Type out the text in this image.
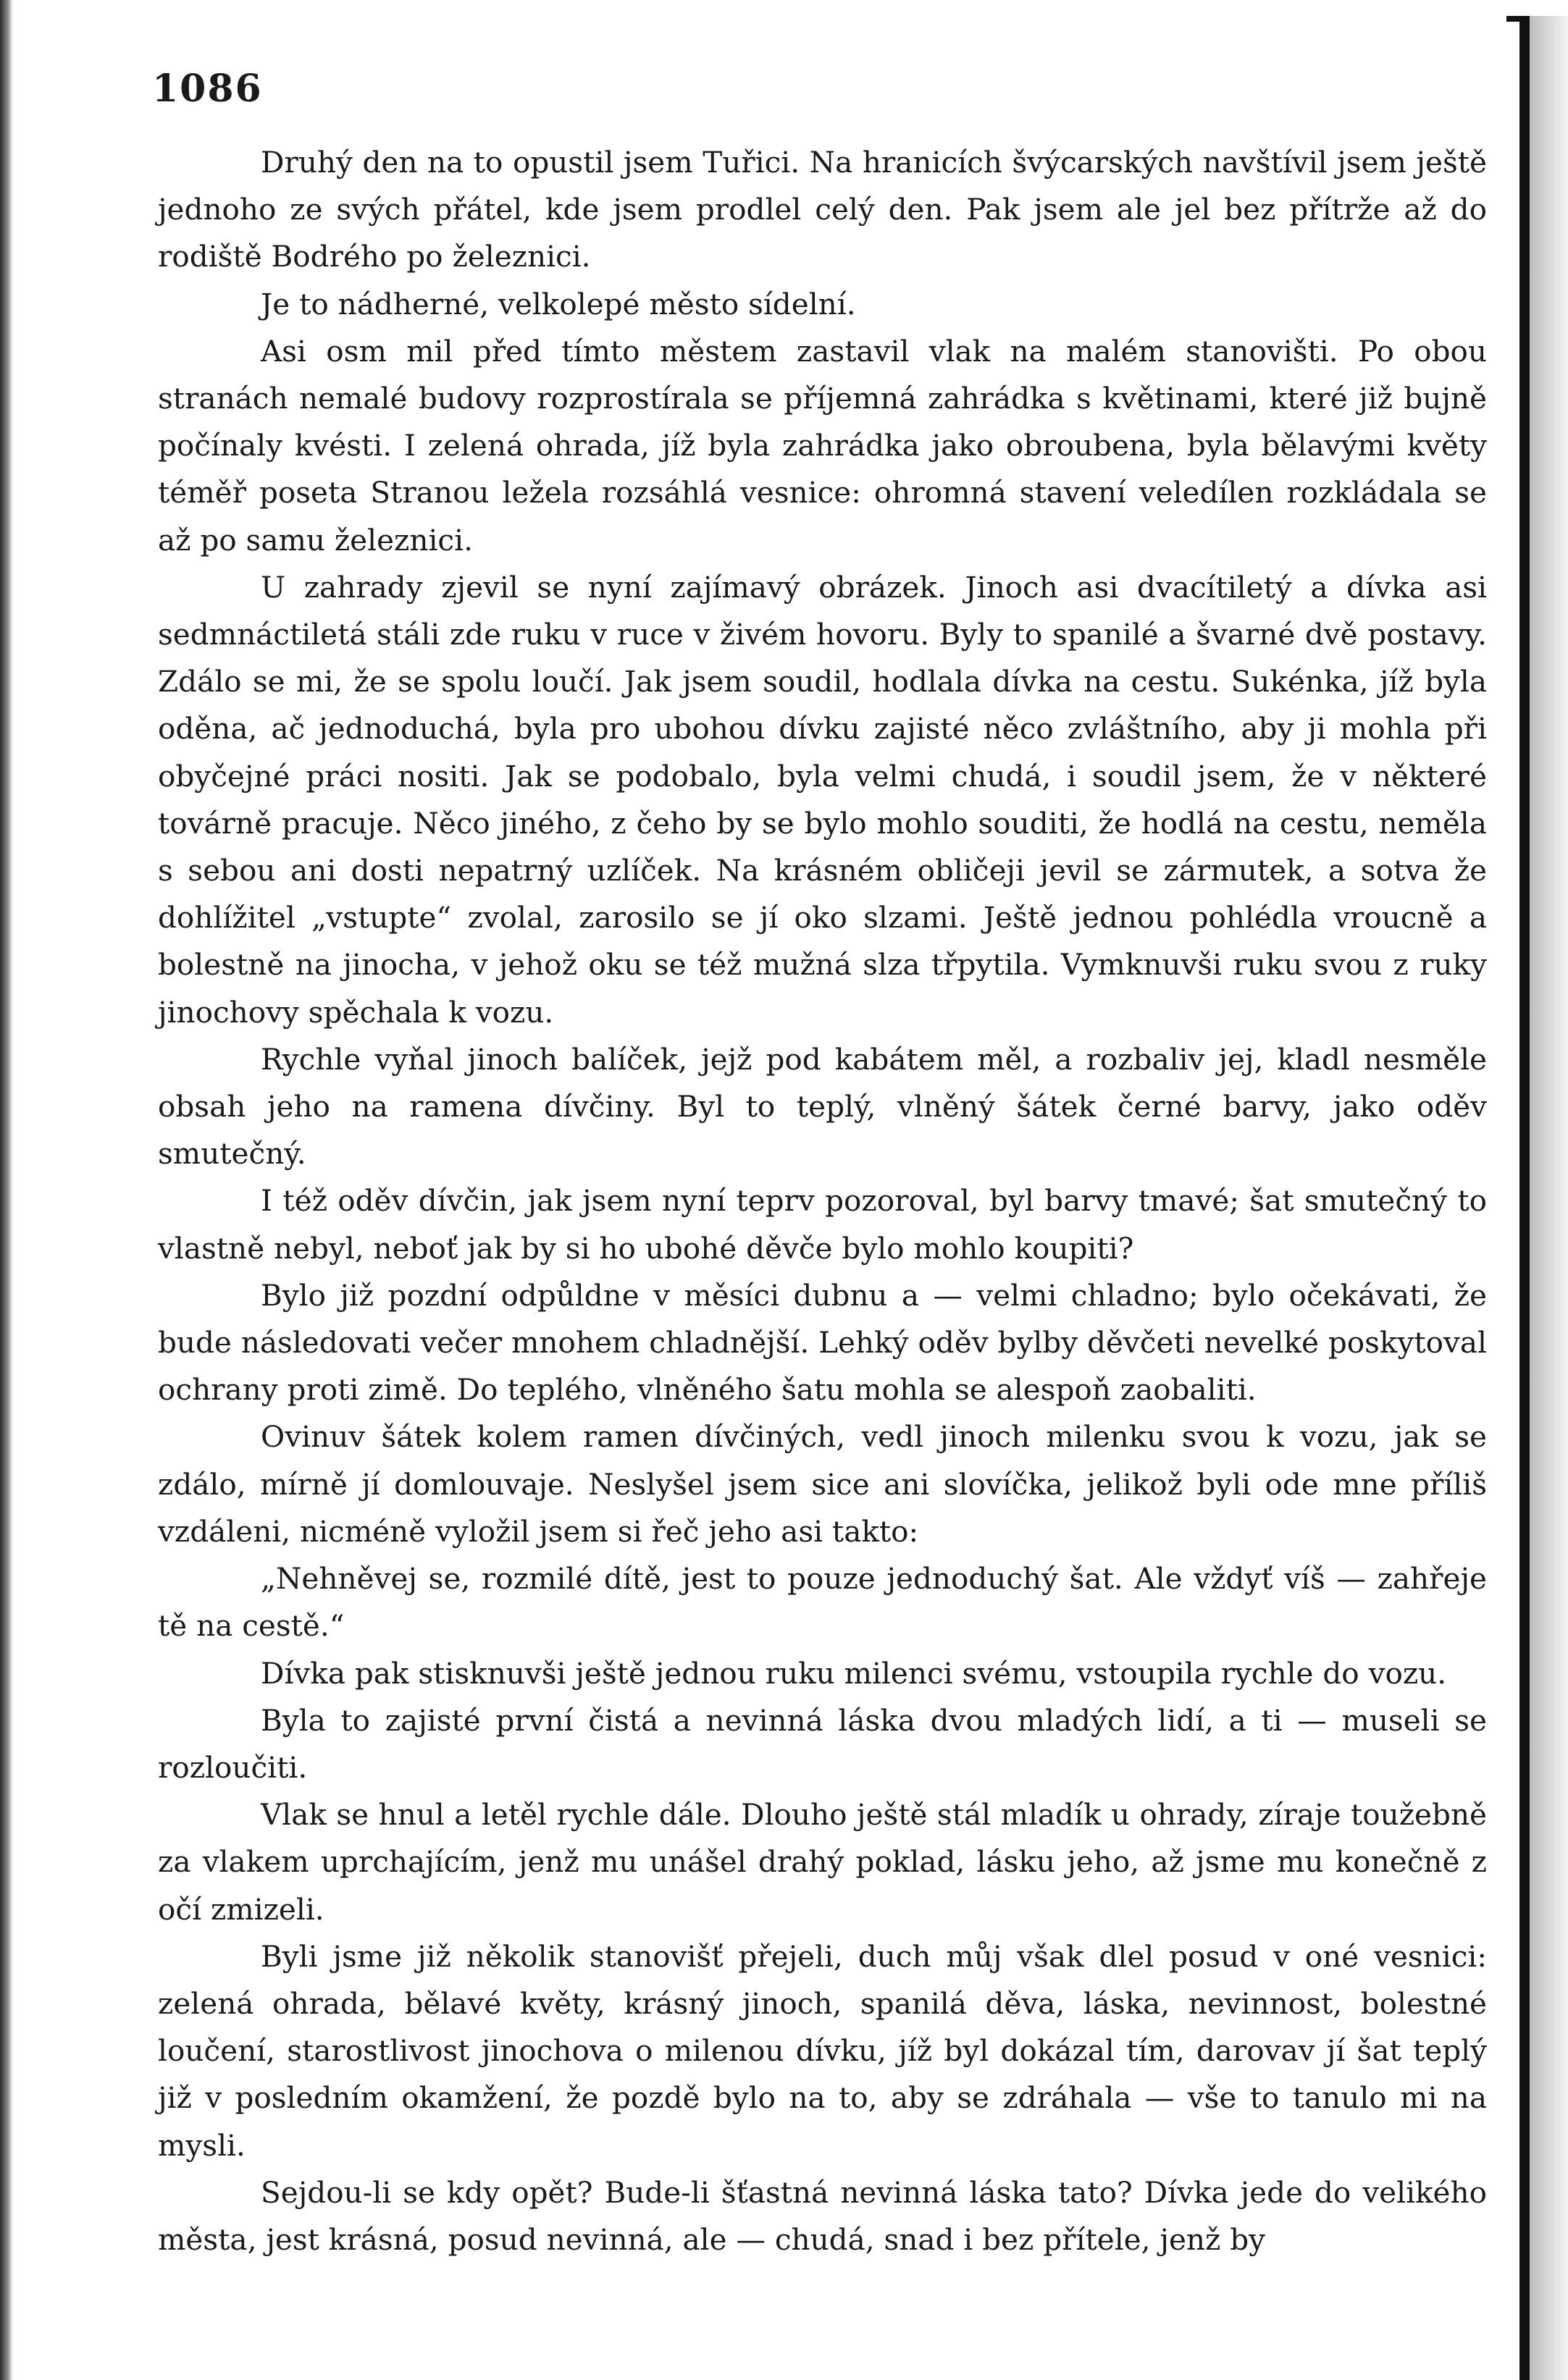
1086

Druhý den na to opustil jsem Tuřici. Na hranicích švýcarských navštívil jsem ještě jednoho ze svých přátel, kde jsem prodlel celý den. Pak jsem ale jel bez přítrže až do rodiště Bodrého po železnici.

Je to nádherné, velkolepé město sídelní.

Asi osm mil před tímto městem zastavil vlak na malém stanovišti. Po obou stranách nemalé budovy rozprostírala se příjemná zahrádka s květinami, které již bujně počínaly kvésti. I zelená ohrada, jíž byla zahrádka jako obroubena, byla bělavými květy téměř poseta Stranou ležela rozsáhlá vesnice: ohromná stavení veledílen rozkládala se až po samu železnici.

U zahrady zjevil se nyní zajímavý obrázek. Jinoch asi dvacítiletý a dívka asi sedmnáctiletá stáli zde ruku v ruce v živém hovoru. Byly to spanilé a švarné dvě postavy. Zdálo se mi, že se spolu loučí. Jak jsem soudil, hodlala dívka na cestu. Sukénka, jíž byla oděna, ač jednoduchá, byla pro ubohou dívku zajisté něco zvláštního, aby ji mohla při obyčejné práci nositi. Jak se podobalo, byla velmi chudá, i soudil jsem, že v některé továrně pracuje. Něco jiného, z čeho by se bylo mohlo souditi, že hodlá na cestu, neměla s sebou ani dosti nepatrný uzlíček. Na krásném obličeji jevil se zármutek, a sotva že dohlížitel „vstupte“ zvolal, zarosilo se jí oko slzami. Ještě jednou pohlédla vroucně a bolestně na jinocha, v jehož oku se též mužná slza třpytila. Vymknuvši ruku svou z ruky jinochovy spěchala k vozu.

Rychle vyňal jinoch balíček, jejž pod kabátem měl, a rozbaliv jej, kladl nesměle obsah jeho na ramena dívčiny. Byl to teplý, vlněný šátek černé barvy, jako oděv smutečný.

I též oděv dívčin, jak jsem nyní teprv pozoroval, byl barvy tmavé; šat smutečný to vlastně nebyl, neboť jak by si ho ubohé děvče bylo mohlo koupiti?

Bylo již pozdní odpůldne v měsíci dubnu a — velmi chladno; bylo očekávati, že bude následovati večer mnohem chladnější. Lehký oděv bylby děvčeti nevelké poskytoval ochrany proti zimě. Do teplého, vlněného šatu mohla se alespoň zaobaliti.

Ovinuv šátek kolem ramen dívčiných, vedl jinoch milenku svou k vozu, jak se zdálo, mírně jí domlouvaje. Neslyšel jsem sice ani slovíčka, jelikož byli ode mne příliš vzdáleni, nicméně vyložil jsem si řeč jeho asi takto:

„Nehněvej se, rozmilé dítě, jest to pouze jednoduchý šat. Ale vždyť víš — zahřeje tě na cestě.“

Dívka pak stisknuvši ještě jednou ruku milenci svému, vstoupila rychle do vozu.

Byla to zajisté první čistá a nevinná láska dvou mladých lidí, a ti — museli se rozloučiti.

Vlak se hnul a letěl rychle dále. Dlouho ještě stál mladík u ohrady, zíraje toužebně za vlakem uprchajícím, jenž mu unášel drahý poklad, lásku jeho, až jsme mu konečně z očí zmizeli.

Byli jsme již několik stanovišť přejeli, duch můj však dlel posud v oné vesnici: zelená ohrada, bělavé květy, krásný jinoch, spanilá děva, láska, nevinnost, bolestné loučení, starostlivost jinochova o milenou dívku, jíž byl dokázal tím, darovav jí šat teplý již v posledním okamžení, že pozdě bylo na to, aby se zdráhala — vše to tanulo mi na mysli.

Sejdou-li se kdy opět? Bude-li šťastná nevinná láska tato? Dívka jede do velikého města, jest krásná, posud nevinná, ale — chudá, snad i bez přítele, jenž by
